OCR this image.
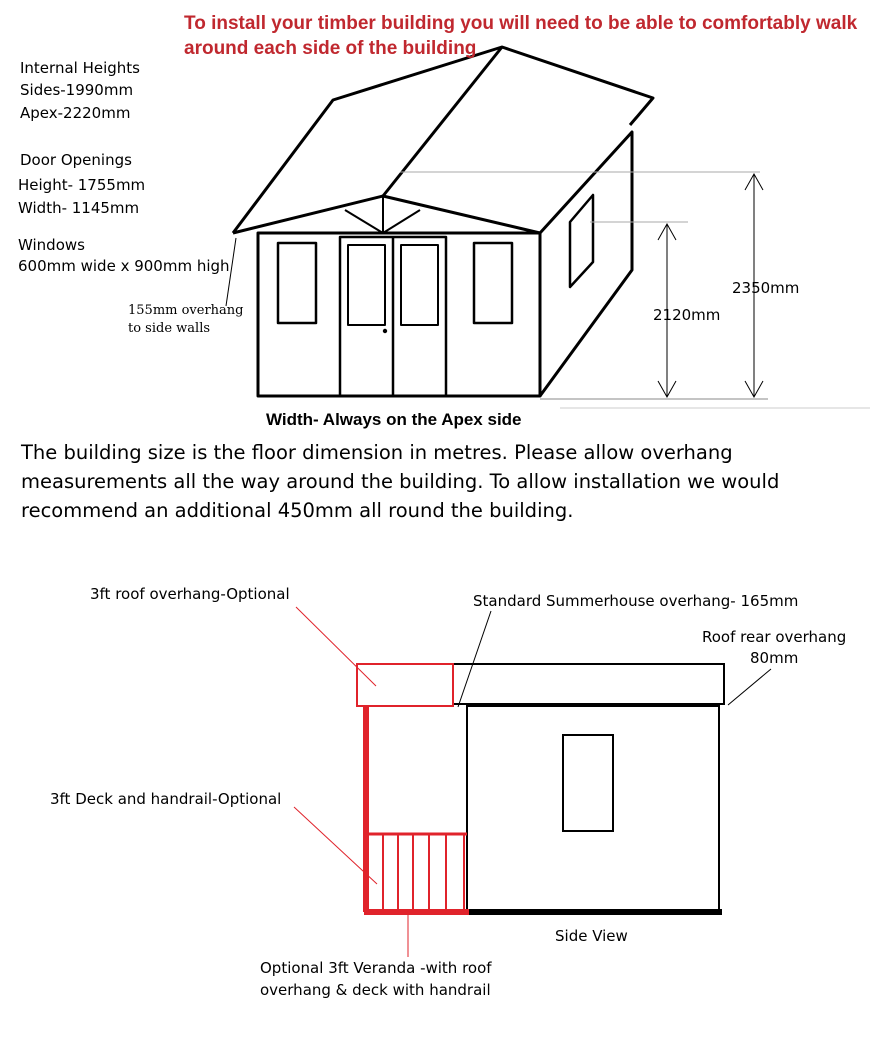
To install your timber building you will need to be able to comfortably walk
around each side of the building
Internal Heights
Sides-1990mm
Apex-2220mm
Door Openings
Height- 1755mm
Width- 1145mm
Windows
600mm wide x 900mm high
155mm overhang
to side walls
2350mm
2120mm
Width- Always on the Apex side
The building size is the floor dimension in metres. Please allow overhang
measurements all the way around the building. To allow installation we would
recommend an additional 450mm all round the building.
3ft roof overhang-Optional	Standard Summerhouse overhang- 165mm
Roof rear overhang
80mm
3ft Deck and handrail-Optional
Side View
Optional 3ft Veranda -with roof
overhang & deck with handrail
